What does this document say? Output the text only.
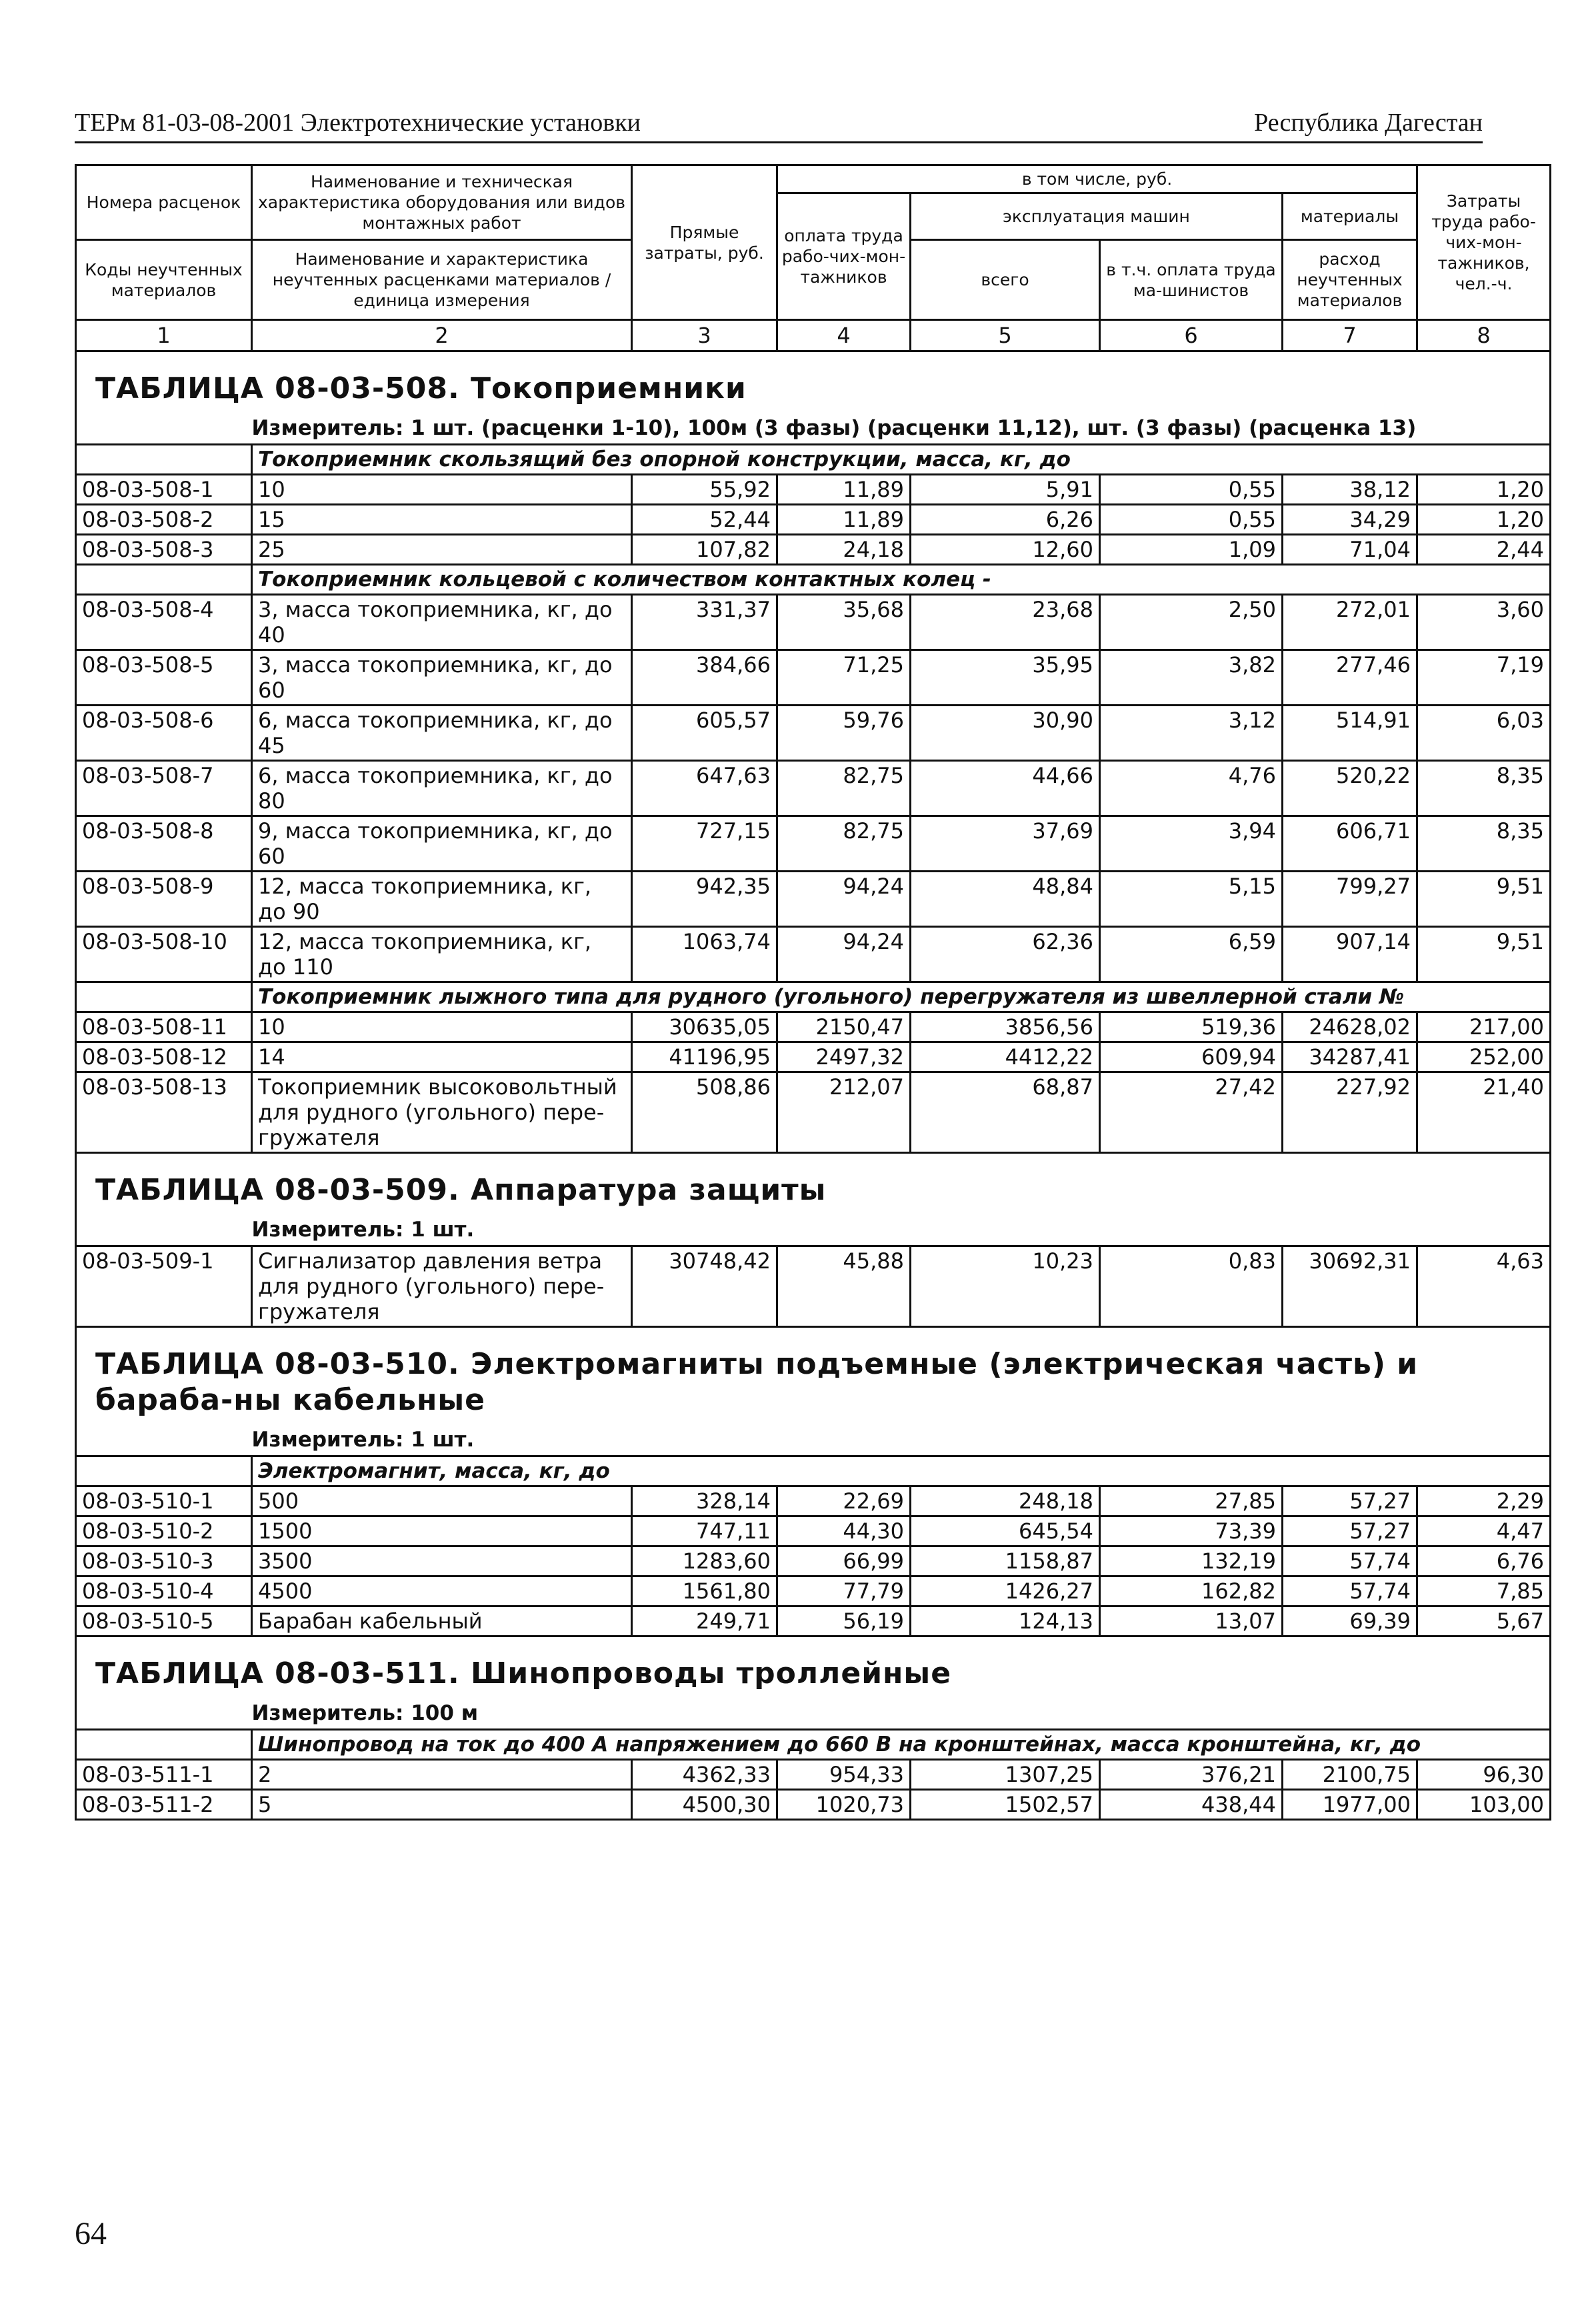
ТЕРм 81-03-08-2001 Электротехнические установки	Республика Дагестан
Номера расценок	Наименование и техническая характеристика оборудования или видов монтажных работ	Прямые затраты, руб.	в том числе, руб.				Затраты труда рабо-чих-мон-тажников, чел.-ч.
			оплата труда рабо-чих-мон-тажников	эксплуатация машин		материалы	
Коды неучтенных материалов	Наименование и характеристика неучтенных расценками материалов / единица измерения			всего	в т.ч. оплата труда ма-шинистов	расход неучтенных материалов	

1	2	3	4	5	6	7	8
ТАБЛИЦА 08-03-508. Токоприемники							
	Измеритель: 1 шт. (расценки 1-10), 100м (3 фазы) (расценки 11,12), шт. (3 фазы) (расценка 13)						
	Токоприемник скользящий без опорной конструкции, масса, кг, до						
08-03-508-1	10	55,92	11,89	5,91	0,55	38,12	1,20
08-03-508-2	15	52,44	11,89	6,26	0,55	34,29	1,20
08-03-508-3	25	107,82	24,18	12,60	1,09	71,04	2,44
	Токоприемник кольцевой с количеством контактных колец -						
08-03-508-4	3, масса токоприемника, кг, до 40	331,37	35,68	23,68	2,50	272,01	3,60
08-03-508-5	3, масса токоприемника, кг, до 60	384,66	71,25	35,95	3,82	277,46	7,19
08-03-508-6	6, масса токоприемника, кг, до 45	605,57	59,76	30,90	3,12	514,91	6,03
08-03-508-7	6, масса токоприемника, кг, до 80	647,63	82,75	44,66	4,76	520,22	8,35
08-03-508-8	9, масса токоприемника, кг, до 60	727,15	82,75	37,69	3,94	606,71	8,35
08-03-508-9	12, масса токоприемника, кг, до 90	942,35	94,24	48,84	5,15	799,27	9,51
08-03-508-10	12, масса токоприемника, кг, до 110	1063,74	94,24	62,36	6,59	907,14	9,51
	Токоприемник лыжного типа для рудного (угольного) перегружателя из швеллерной стали №						
08-03-508-11	10	30635,05	2150,47	3856,56	519,36	24628,02	217,00
08-03-508-12	14	41196,95	2497,32	4412,22	609,94	34287,41	252,00
08-03-508-13	Токоприемник высоковольтный для рудного (угольного) пере-гружателя	508,86	212,07	68,87	27,42	227,92	21,40
ТАБЛИЦА 08-03-509. Аппаратура защиты							
	Измеритель: 1 шт.						
08-03-509-1	Сигнализатор давления ветра для рудного (угольного) пере-гружателя	30748,42	45,88	10,23	0,83	30692,31	4,63
ТАБЛИЦА 08-03-510. Электромагниты подъемные (электрическая часть) и бараба-ны кабельные							
	Измеритель: 1 шт.						
	Электромагнит, масса, кг, до						
08-03-510-1	500	328,14	22,69	248,18	27,85	57,27	2,29
08-03-510-2	1500	747,11	44,30	645,54	73,39	57,27	4,47
08-03-510-3	3500	1283,60	66,99	1158,87	132,19	57,74	6,76
08-03-510-4	4500	1561,80	77,79	1426,27	162,82	57,74	7,85
08-03-510-5	Барабан кабельный	249,71	56,19	124,13	13,07	69,39	5,67
ТАБЛИЦА 08-03-511. Шинопроводы троллейные							
	Измеритель: 100 м						
	Шинопровод на ток до 400 А напряжением до 660 В на кронштейнах, масса кронштейна, кг, до						
08-03-511-1	2	4362,33	954,33	1307,25	376,21	2100,75	96,30
08-03-511-2	5	4500,30	1020,73	1502,57	438,44	1977,00	103,00
64
